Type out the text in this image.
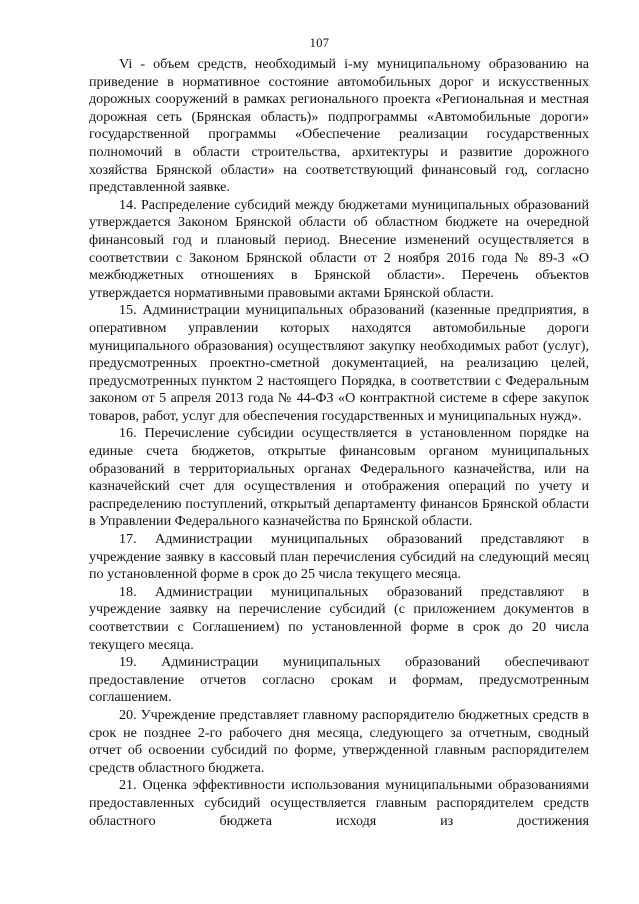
107

Vi - объем средств, необходимый i-му муниципальному образованию на приведение в нормативное состояние автомобильных дорог и искусственных дорожных сооружений в рамках регионального проекта «Региональная и местная дорожная сеть (Брянская область)» подпрограммы «Автомобильные дороги» государственной программы «Обеспечение реализации государственных полномочий в области строительства, архитектуры и развитие дорожного хозяйства Брянской области» на соответствующий финансовый год, согласно представленной заявке.

14. Распределение субсидий между бюджетами муниципальных образований утверждается Законом Брянской области об областном бюджете на очередной финансовый год и плановый период. Внесение изменений осуществляется в соответствии с Законом Брянской области от 2 ноября 2016 года № 89-З «О межбюджетных отношениях в Брянской области». Перечень объектов утверждается нормативными правовыми актами Брянской области.

15. Администрации муниципальных образований (казенные предприятия, в оперативном управлении которых находятся автомобильные дороги муниципального образования) осуществляют закупку необходимых работ (услуг), предусмотренных проектно-сметной документацией, на реализацию целей, предусмотренных пунктом 2 настоящего Порядка, в соответствии с Федеральным законом от 5 апреля 2013 года № 44-ФЗ «О контрактной системе в сфере закупок товаров, работ, услуг для обеспечения государственных и муниципальных нужд».

16. Перечисление субсидии осуществляется в установленном порядке на единые счета бюджетов, открытые финансовым органом муниципальных образований в территориальных органах Федерального казначейства, или на казначейский счет для осуществления и отображения операций по учету и распределению поступлений, открытый департаменту финансов Брянской области в Управлении Федерального казначейства по Брянской области.

17. Администрации муниципальных образований представляют в учреждение заявку в кассовый план перечисления субсидий на следующий месяц по установленной форме в срок до 25 числа текущего месяца.

18. Администрации муниципальных образований представляют в учреждение заявку на перечисление субсидий (с приложением документов в соответствии с Соглашением) по установленной форме в срок до 20 числа текущего месяца.

19. Администрации муниципальных образований обеспечивают предоставление отчетов согласно срокам и формам, предусмотренным соглашением.

20. Учреждение представляет главному распорядителю бюджетных средств в срок не позднее 2-го рабочего дня месяца, следующего за отчетным, сводный отчет об освоении субсидий по форме, утвержденной главным распорядителем средств областного бюджета.

21. Оценка эффективности использования муниципальными образованиями предоставленных субсидий осуществляется главным распорядителем средств областного бюджета исходя из достижения
